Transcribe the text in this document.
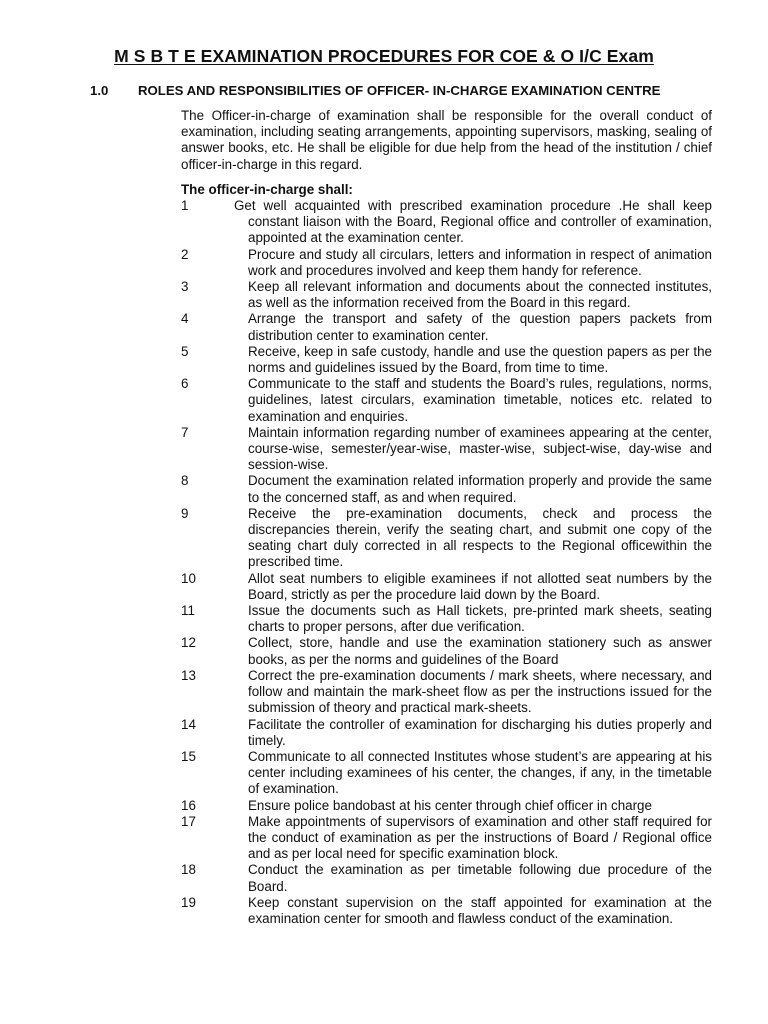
M S B T E EXAMINATION PROCEDURES FOR COE & O I/C Exam
1.0 ROLES AND RESPONSIBILITIES OF OFFICER- IN-CHARGE EXAMINATION CENTRE
The Officer-in-charge of examination shall be responsible for the overall conduct of examination, including seating arrangements, appointing supervisors, masking, sealing of answer books, etc. He shall be eligible for due help from the head of the institution / chief officer-in-charge in this regard.
The officer-in-charge shall:
1	Get well acquainted with prescribed examination procedure .He shall keep constant liaison with the Board, Regional office and controller of examination, appointed at the examination center.
2	Procure and study all circulars, letters and information in respect of animation work and procedures involved and keep them handy for reference.
3	Keep all relevant information and documents about the connected institutes, as well as the information received from the Board in this regard.
4	Arrange the transport and safety of the question papers packets from distribution center to examination center.
5	Receive, keep in safe custody, handle and use the question papers as per the norms and guidelines issued by the Board, from time to time.
6	Communicate to the staff and students the Board’s rules, regulations, norms, guidelines, latest circulars, examination timetable, notices etc. related to examination and enquiries.
7	Maintain information regarding number of examinees appearing at the center, course-wise, semester/year-wise, master-wise, subject-wise, day-wise and session-wise.
8	Document the examination related information properly and provide the same to the concerned staff, as and when required.
9	Receive the pre-examination documents, check and process the discrepancies therein, verify the seating chart, and submit one copy of the seating chart duly corrected in all respects to the Regional officewithin the prescribed time.
10	Allot seat numbers to eligible examinees if not allotted seat numbers by the Board, strictly as per the procedure laid down by the Board.
11	Issue the documents such as Hall tickets, pre-printed mark sheets, seating charts to proper persons, after due verification.
12	Collect, store, handle and use the examination stationery such as answer books, as per the norms and guidelines of the Board
13	Correct the pre-examination documents / mark sheets, where necessary, and follow and maintain the mark-sheet flow as per the instructions issued for the submission of theory and practical mark-sheets.
14	Facilitate the controller of examination for discharging his duties properly and timely.
15	Communicate to all connected Institutes whose student’s are appearing at his center including examinees of his center, the changes, if any, in the timetable of examination.
16	Ensure police bandobast at his center through chief officer in charge
17	Make appointments of supervisors of examination and other staff required for the conduct of examination as per the instructions of Board / Regional office and as per local need for specific examination block.
18	Conduct the examination as per timetable following due procedure of the Board.
19	Keep constant supervision on the staff appointed for examination at the examination center for smooth and flawless conduct of the examination.
